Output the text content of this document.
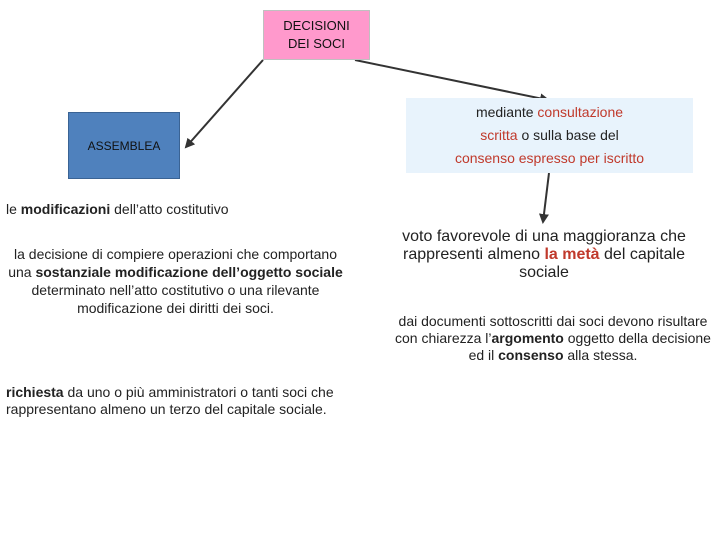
DECISIONI
DEI SOCI
ASSEMBLEA
mediante consultazione
scritta o sulla base del
consenso espresso per iscritto
le modificazioni dell’atto costitutivo
la decisione di compiere operazioni che comportano una sostanziale modificazione dell’oggetto sociale determinato nell’atto costitutivo o una rilevante modificazione dei diritti dei soci.
richiesta da uno o più amministratori o tanti soci che rappresentano almeno un terzo del capitale sociale.
voto favorevole di una maggioranza che rappresenti almeno la metà del capitale sociale
dai documenti sottoscritti dai soci devono risultare con chiarezza l’argomento oggetto della decisione ed il consenso alla stessa.
